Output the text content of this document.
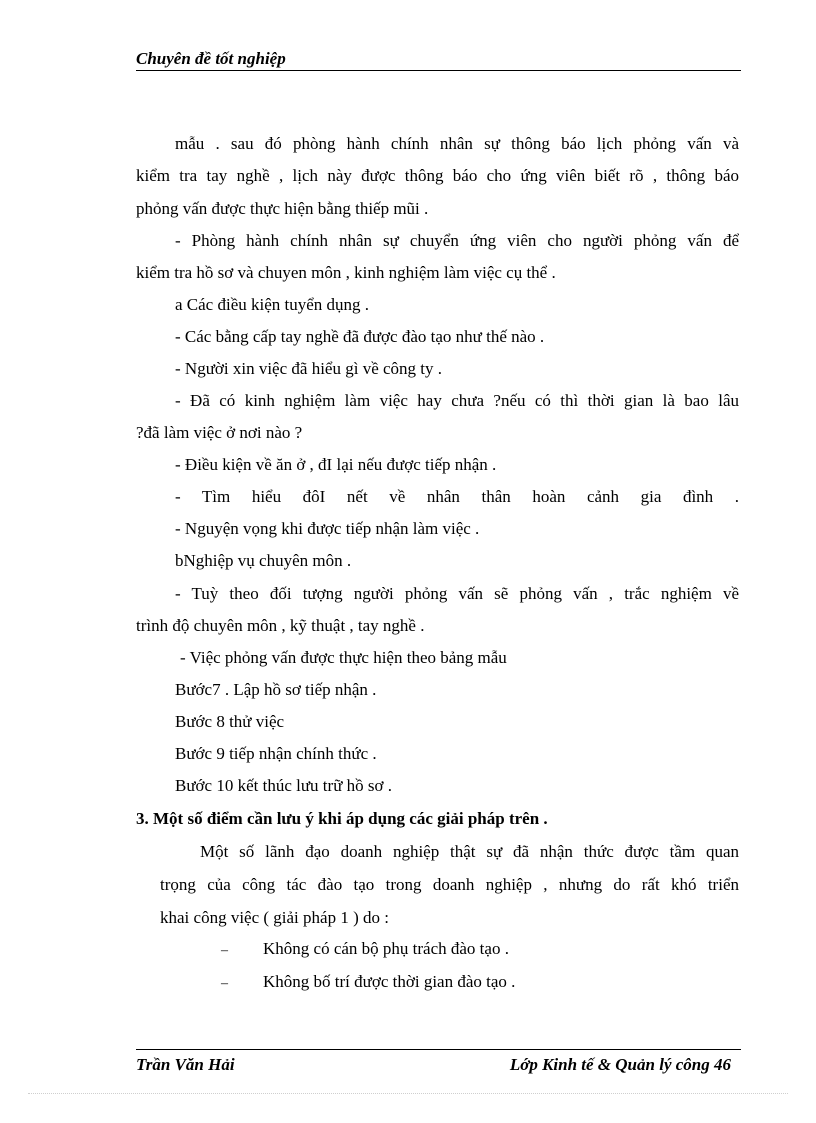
Chuyên đề tốt nghiệp
mẫu . sau đó phòng hành chính nhân sự thông báo lịch phỏng vấn và
kiểm tra tay nghề , lịch này được thông báo cho ứng viên biết rõ , thông báo
phỏng vấn được thực hiện bằng thiếp mũi .
- Phòng hành chính nhân sự chuyển ứng viên cho người phỏng vấn để
kiểm tra hồ sơ và chuyen môn , kinh nghiệm làm việc cụ thể .
a Các điều kiện tuyển dụng .
- Các bằng cấp tay nghề đã được đào tạo như thế nào .
- Người xin việc đã hiểu gì về công ty .
- Đã có kinh nghiệm làm việc hay chưa ?nếu có thì thời gian là bao lâu
?đã làm việc ở nơi nào ?
- Điều kiện về ăn ở , đI lại nếu được tiếp nhận .
- Tìm hiểu đôI nết về nhân thân hoàn cảnh gia đình .
- Nguyện vọng khi được tiếp nhận làm việc .
bNghiệp vụ chuyên môn .
- Tuỳ theo đối tượng người phỏng vấn sẽ phỏng vấn , trắc nghiệm về
trình độ chuyên môn , kỹ thuật , tay nghề .
- Việc phỏng vấn được thực hiện theo bảng mẫu
Bước7 . Lập hồ sơ tiếp nhận .
Bước 8 thử việc
Bước 9 tiếp nhận chính thức .
Bước 10 kết thúc lưu trữ hồ sơ .
3. Một số điểm cần lưu ý khi áp dụng các giải pháp trên .
Một số lãnh đạo doanh nghiệp thật sự đã nhận thức được tầm quan
trọng của công tác đào tạo trong doanh nghiệp , nhưng do rất khó triển
khai công việc ( giải pháp 1 ) do :
– Không có cán bộ phụ trách đào tạo .
– Không bố trí được thời gian đào tạo .
Trần Văn Hải	Lớp Kinh tế & Quản lý công 46
